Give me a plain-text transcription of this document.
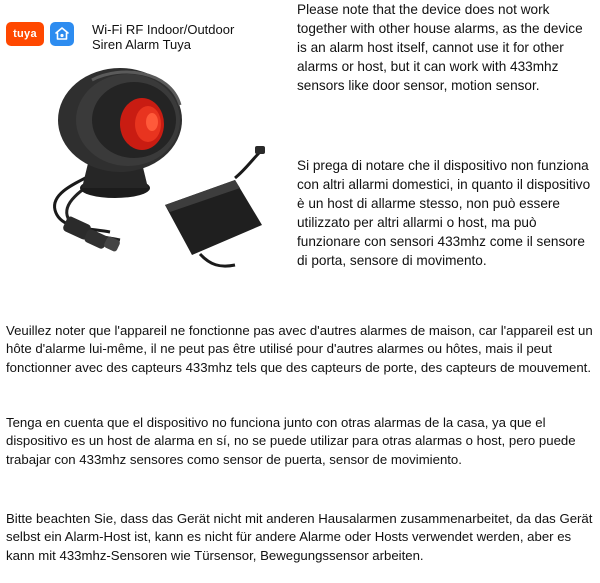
tuya	Wi-Fi RF Indoor/Outdoor
Siren Alarm Tuya

Please note that the device does not work together with other house alarms, as the device is an alarm host itself, cannot use it for other alarms or host, but it can work with 433mhz sensors like door sensor, motion sensor.

Si prega di notare che il dispositivo non funziona con altri allarmi domestici, in quanto il dispositivo è un host di allarme stesso, non può essere utilizzato per altri allarmi o host, ma può funzionare con sensori 433mhz come il sensore di porta, sensore di movimento.

Veuillez noter que l'appareil ne fonctionne pas avec d'autres alarmes de maison, car l'appareil est un hôte d'alarme lui-même, il ne peut pas être utilisé pour d'autres alarmes ou hôtes, mais il peut fonctionner avec des capteurs 433mhz tels que des capteurs de porte, des capteurs de mouvement.

Tenga en cuenta que el dispositivo no funciona junto con otras alarmas de la casa, ya que el dispositivo es un host de alarma en sí, no se puede utilizar para otras alarmas o host, pero puede trabajar con 433mhz sensores como sensor de puerta, sensor de movimiento.

Bitte beachten Sie, dass das Gerät nicht mit anderen Hausalarmen zusammenarbeitet, da das Gerät selbst ein Alarm-Host ist, kann es nicht für andere Alarme oder Hosts verwendet werden, aber es kann mit 433mhz-Sensoren wie Türsensor, Bewegungssensor arbeiten.
